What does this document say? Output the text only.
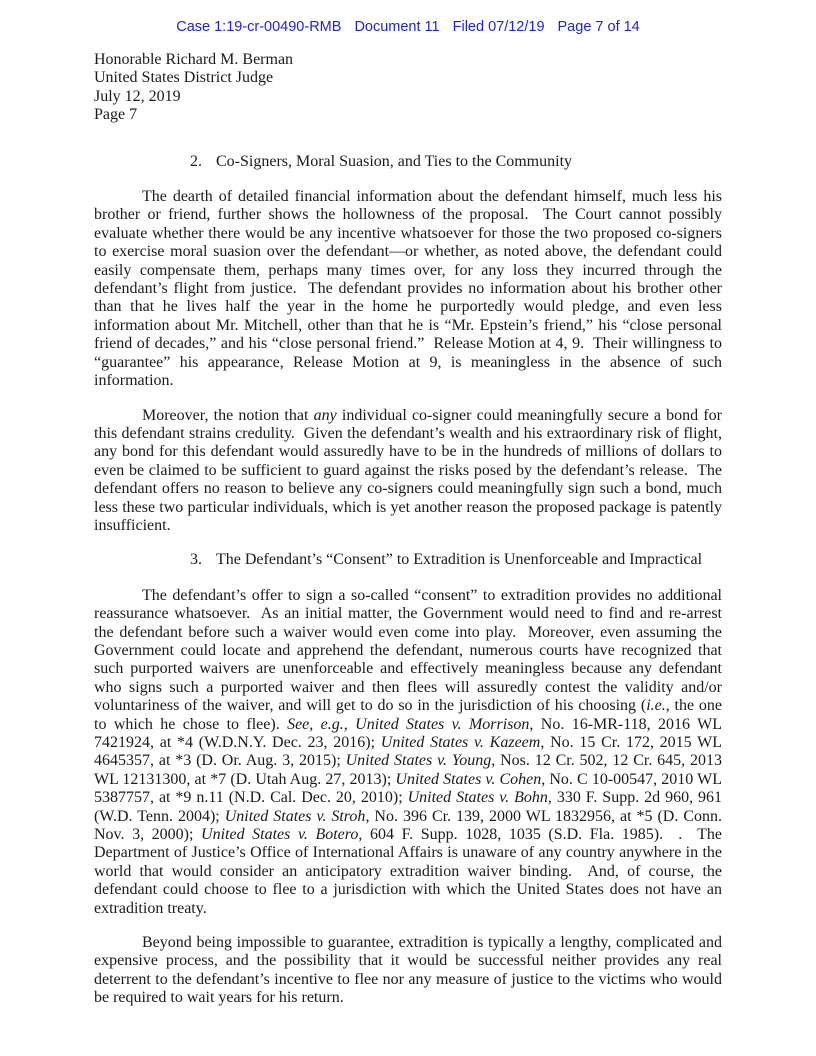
Case 1:19-cr-00490-RMB Document 11 Filed 07/12/19 Page 7 of 14
Honorable Richard M. Berman
United States District Judge
July 12, 2019
Page 7
2. Co-Signers, Moral Suasion, and Ties to the Community

The dearth of detailed financial information about the defendant himself, much less his brother or friend, further shows the hollowness of the proposal.  The Court cannot possibly evaluate whether there would be any incentive whatsoever for those the two proposed co-signers to exercise moral suasion over the defendant—or whether, as noted above, the defendant could easily compensate them, perhaps many times over, for any loss they incurred through the defendant’s flight from justice.  The defendant provides no information about his brother other than that he lives half the year in the home he purportedly would pledge, and even less information about Mr. Mitchell, other than that he is “Mr. Epstein’s friend,” his “close personal friend of decades,” and his “close personal friend.”  Release Motion at 4, 9.  Their willingness to “guarantee” his appearance, Release Motion at 9, is meaningless in the absence of such information.

Moreover, the notion that any individual co-signer could meaningfully secure a bond for this defendant strains credulity.  Given the defendant’s wealth and his extraordinary risk of flight, any bond for this defendant would assuredly have to be in the hundreds of millions of dollars to even be claimed to be sufficient to guard against the risks posed by the defendant’s release.  The defendant offers no reason to believe any co-signers could meaningfully sign such a bond, much less these two particular individuals, which is yet another reason the proposed package is patently insufficient.

3. The Defendant’s “Consent” to Extradition is Unenforceable and Impractical

The defendant’s offer to sign a so-called “consent” to extradition provides no additional reassurance whatsoever.  As an initial matter, the Government would need to find and re-arrest the defendant before such a waiver would even come into play.  Moreover, even assuming the Government could locate and apprehend the defendant, numerous courts have recognized that such purported waivers are unenforceable and effectively meaningless because any defendant who signs such a purported waiver and then flees will assuredly contest the validity and/or voluntariness of the waiver, and will get to do so in the jurisdiction of his choosing (i.e., the one to which he chose to flee). See, e.g., United States v. Morrison, No. 16-MR-118, 2016 WL 7421924, at *4 (W.D.N.Y. Dec. 23, 2016); United States v. Kazeem, No. 15 Cr. 172, 2015 WL 4645357, at *3 (D. Or. Aug. 3, 2015); United States v. Young, Nos. 12 Cr. 502, 12 Cr. 645, 2013 WL 12131300, at *7 (D. Utah Aug. 27, 2013); United States v. Cohen, No. C 10-00547, 2010 WL 5387757, at *9 n.11 (N.D. Cal. Dec. 20, 2010); United States v. Bohn, 330 F. Supp. 2d 960, 961 (W.D. Tenn. 2004); United States v. Stroh, No. 396 Cr. 139, 2000 WL 1832956, at *5 (D. Conn. Nov. 3, 2000); United States v. Botero, 604 F. Supp. 1028, 1035 (S.D. Fla. 1985).  .  The Department of Justice’s Office of International Affairs is unaware of any country anywhere in the world that would consider an anticipatory extradition waiver binding.  And, of course, the defendant could choose to flee to a jurisdiction with which the United States does not have an extradition treaty.

Beyond being impossible to guarantee, extradition is typically a lengthy, complicated and expensive process, and the possibility that it would be successful neither provides any real deterrent to the defendant’s incentive to flee nor any measure of justice to the victims who would be required to wait years for his return.
